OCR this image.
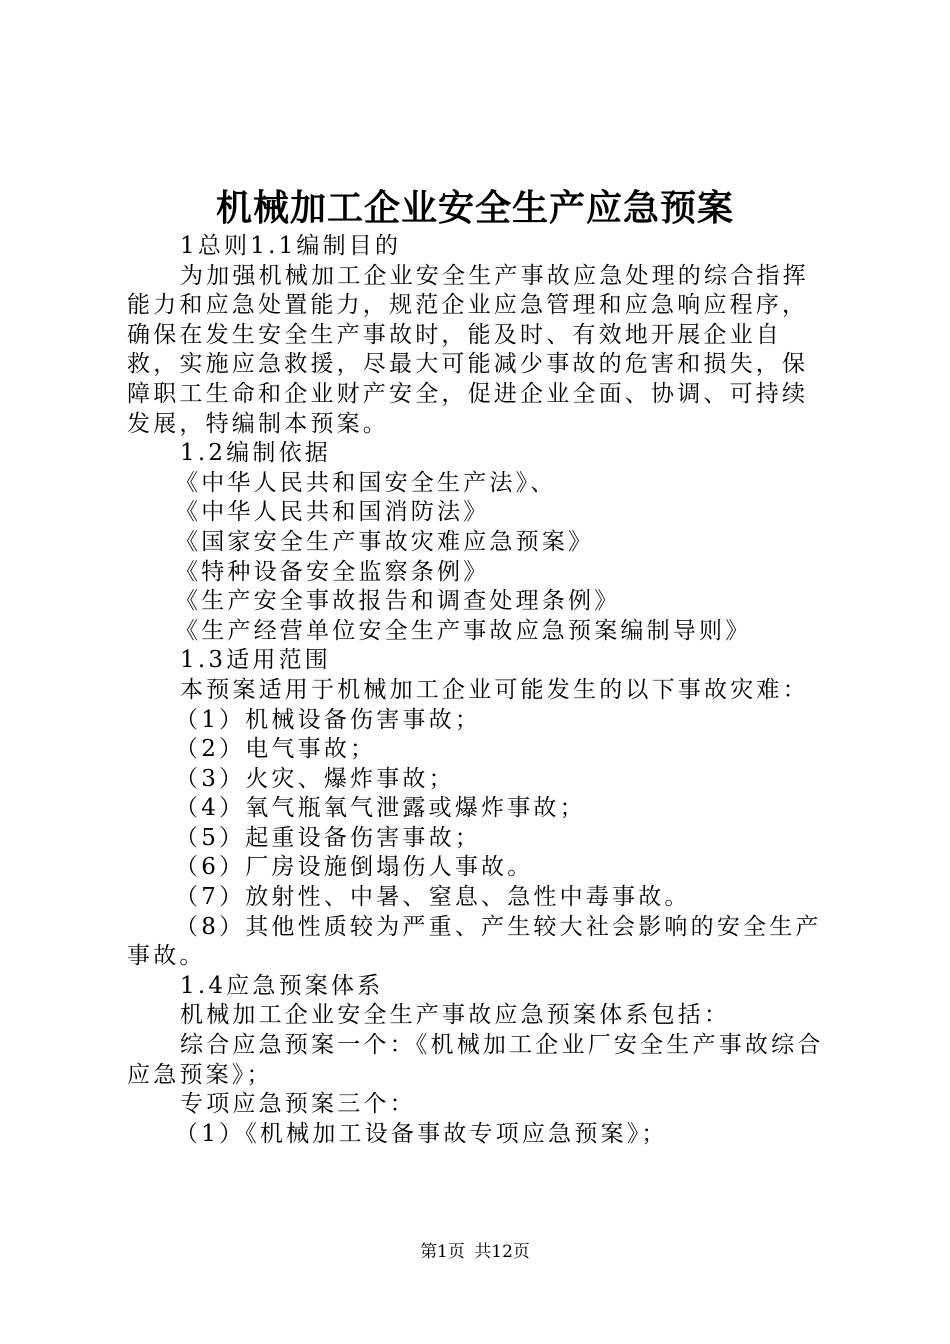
机械加工企业安全生产应急预案

1总则1.1编制目的

为加强机械加工企业安全生产事故应急处理的综合指挥能力和应急处置能力，规范企业应急管理和应急响应程序，确保在发生安全生产事故时，能及时、有效地开展企业自救，实施应急救援，尽最大可能减少事故的危害和损失，保障职工生命和企业财产安全，促进企业全面、协调、可持续发展，特编制本预案。

1.2编制依据

《中华人民共和国安全生产法》、

《中华人民共和国消防法》

《国家安全生产事故灾难应急预案》

《特种设备安全监察条例》

《生产安全事故报告和调查处理条例》

《生产经营单位安全生产事故应急预案编制导则》

1.3适用范围

本预案适用于机械加工企业可能发生的以下事故灾难：

（1）机械设备伤害事故；

（2）电气事故；

（3）火灾、爆炸事故；

（4）氧气瓶氧气泄露或爆炸事故；

（5）起重设备伤害事故；

（6）厂房设施倒塌伤人事故。

（7）放射性、中暑、窒息、急性中毒事故。

（8）其他性质较为严重、产生较大社会影响的安全生产事故。

1.4应急预案体系

机械加工企业安全生产事故应急预案体系包括：

综合应急预案一个：《机械加工企业厂安全生产事故综合应急预案》；

专项应急预案三个：

（1）《机械加工设备事故专项应急预案》；

第1页 共12页
